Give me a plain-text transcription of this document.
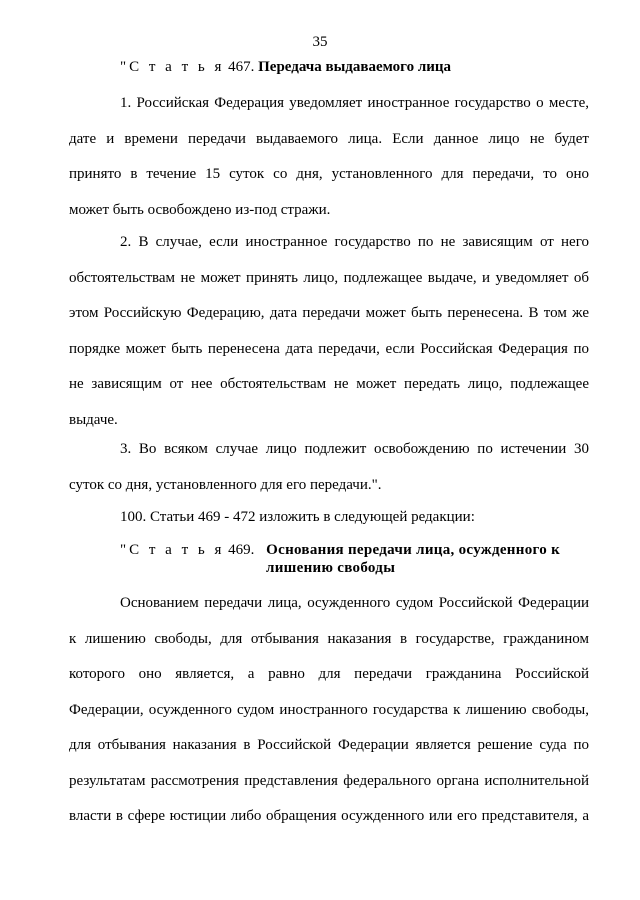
35
"С т а т ь я 467. Передача выдаваемого лица
1. Российская Федерация уведомляет иностранное государство о месте,
дате и времени передачи выдаваемого лица. Если данное лицо не будет
принято в течение 15 суток со дня, установленного для передачи, то оно
может быть освобождено из-под стражи.
2. В случае, если иностранное государство по не зависящим от него
обстоятельствам не может принять лицо, подлежащее выдаче, и уведомляет об
этом Российскую Федерацию, дата передачи может быть перенесена. В том же
порядке может быть перенесена дата передачи, если Российская Федерация по
не зависящим от нее обстоятельствам не может передать лицо, подлежащее
выдаче.
3. Во всяком случае лицо подлежит освобождению по истечении 30
суток со дня, установленного для его передачи.".
100. Статьи 469 - 472 изложить в следующей редакции:
"С т а т ь я 469. Основания передачи лица, осужденного к
лишению свободы
Основанием передачи лица, осужденного судом Российской Федерации
к лишению свободы, для отбывания наказания в государстве, гражданином
которого оно является, а равно для передачи гражданина Российской
Федерации, осужденного судом иностранного государства к лишению свободы,
для отбывания наказания в Российской Федерации является решение суда по
результатам рассмотрения представления федерального органа исполнительной
власти в сфере юстиции либо обращения осужденного или его представителя, а
